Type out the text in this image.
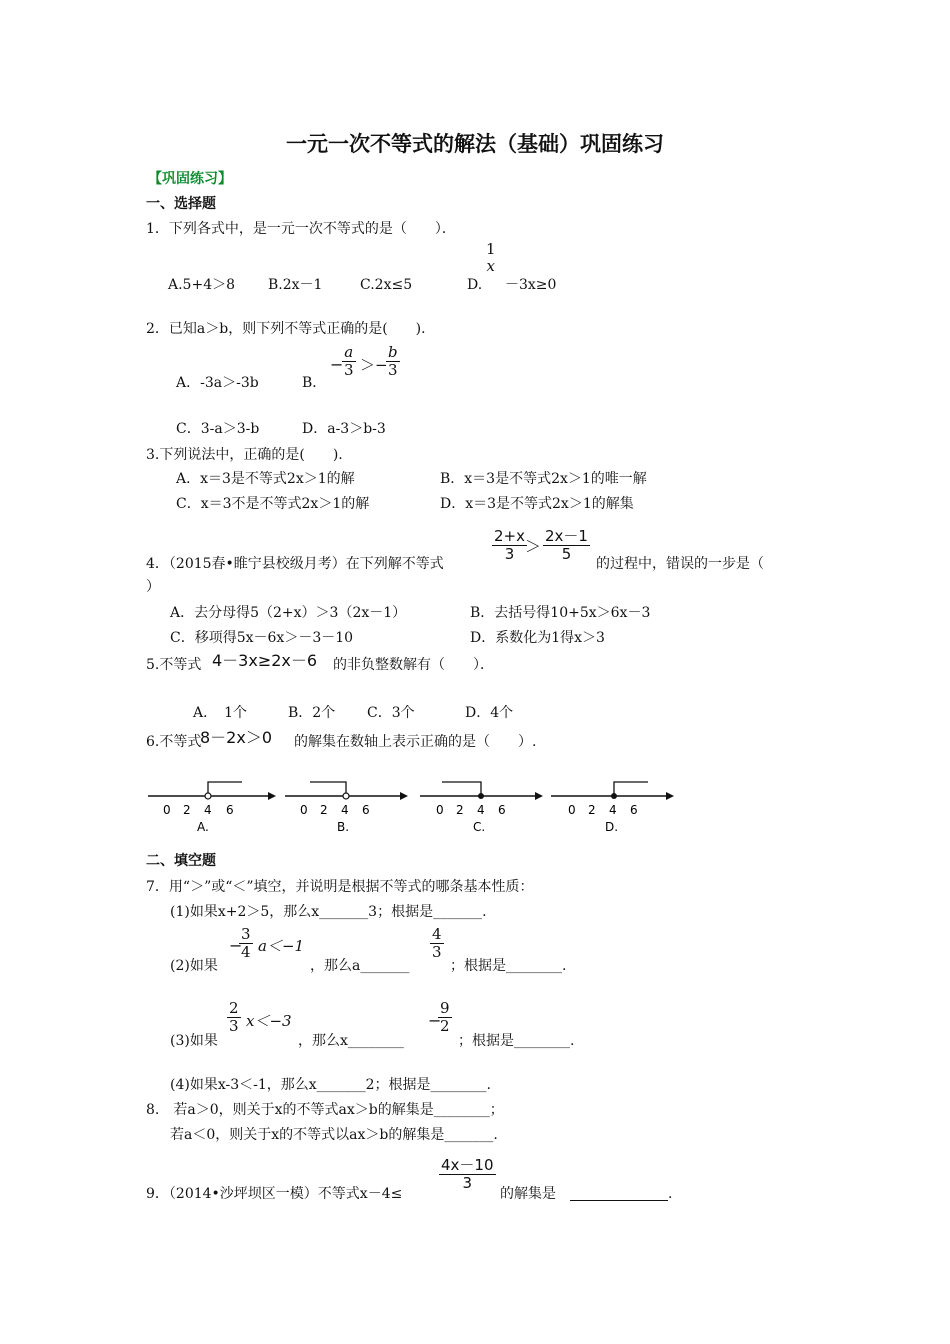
一元一次不等式的解法（基础）巩固练习
【巩固练习】
一、选择题
1．下列各式中，是一元一次不等式的是（　　）．
A.5+4＞8 B.2x－1	C.2x≤5	D.
1
x
－3x≥0
2．已知a＞b，则下列不等式正确的是(　　)．
A．-3a＞-3b	B．
−
$\frac{a}{3}$ ＞−
$\frac{b}{3}$
C．3-a＞3-b	D．a-3＞b-3
3.下列说法中，正确的是(　　).
A．x＝3是不等式2x＞1的解	B．x＝3是不等式2x＞1的唯一解
C．x＝3不是不等式2x＞1的解	D．x＝3是不等式2x＞1的解集
4．（2015春•睢宁县校级月考）在下列解不等式
$\frac{2+x}{3}$
＞ $\frac{2x-1}{5}$
的过程中，错误的一步是（
）
A．去分母得5（2+x）＞3（2x－1）	B．去括号得10+5x＞6x－3
C．移项得5x－6x＞－3－10	D．系数化为1得x＞3
5.不等式 4－3x≥2x－6 的非负整数解有（　　）．
A．　1个	B．2个 C．3个	D．4个
6.不等式
8－2x＞0 的解集在数轴上表示正确的是（　　）.
0 2 4 6
A.
0 2 4 6
B.
0 2 4 6
C.
0 2 4 6
D.
二、填空题
7．用“＞”或“＜”填空，并说明是根据不等式的哪条基本性质：
(1)如果x+2＞5，那么x_______3；根据是_______.
(2)如果
−
$\frac{3}{4} a<-1$
，那么a_______
$\frac{4}{3}$
；根据是________.
(3)如果
$\frac{2}{3} x<-3$
，那么x________
−
$\frac{9}{2}$
；根据是________.
(4)如果x-3＜-1，那么x_______2；根据是________.
8.　若a＞0，则关于x的不等式ax＞b的解集是________；
若a＜0，则关于x的不等式以ax＞b的解集是_______.
9．（2014•沙坪坝区一模）不等式x－4≤
$\frac{4x-10}{3}$
的解集是	.
